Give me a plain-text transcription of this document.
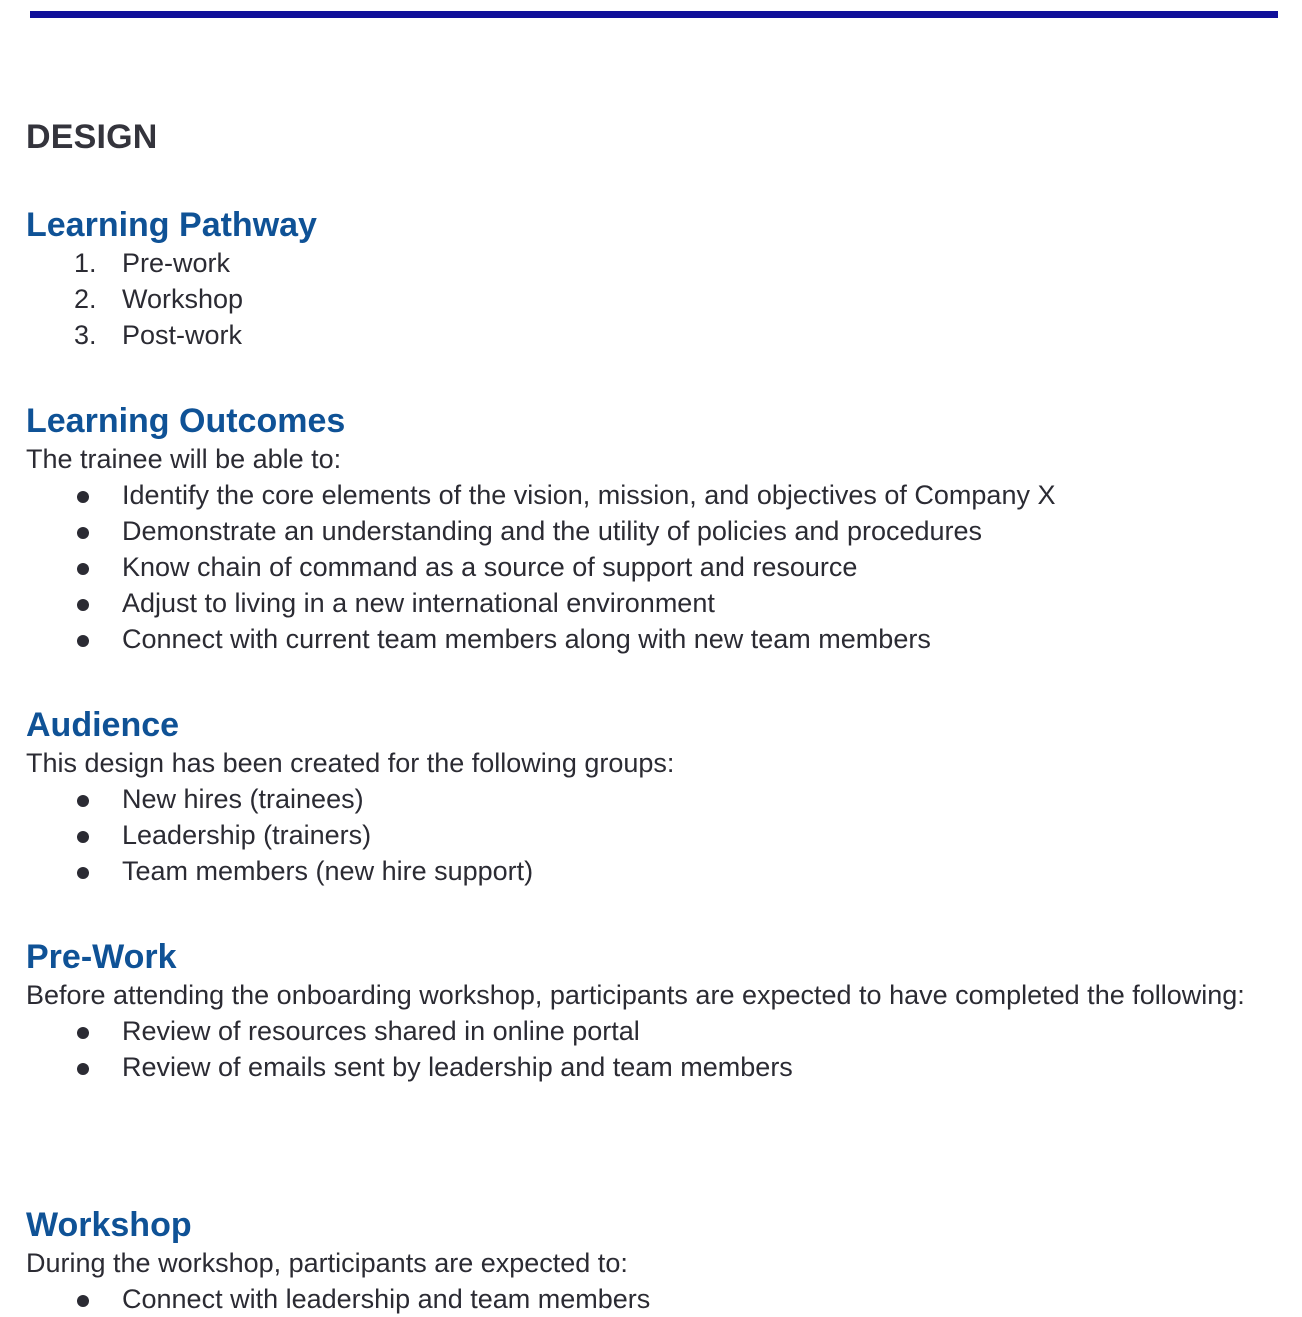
DESIGN
Learning Pathway
1. Pre-work
2. Workshop
3. Post-work
Learning Outcomes

The trainee will be able to:

Identify the core elements of the vision, mission, and objectives of Company X
Demonstrate an understanding and the utility of policies and procedures
Know chain of command as a source of support and resource
Adjust to living in a new international environment
Connect with current team members along with new team members
Audience

This design has been created for the following groups:

New hires (trainees)
Leadership (trainers)
Team members (new hire support)
Pre-Work

Before attending the onboarding workshop, participants are expected to have completed the following:

Review of resources shared in online portal
Review of emails sent by leadership and team members
Workshop

During the workshop, participants are expected to:

Connect with leadership and team members
